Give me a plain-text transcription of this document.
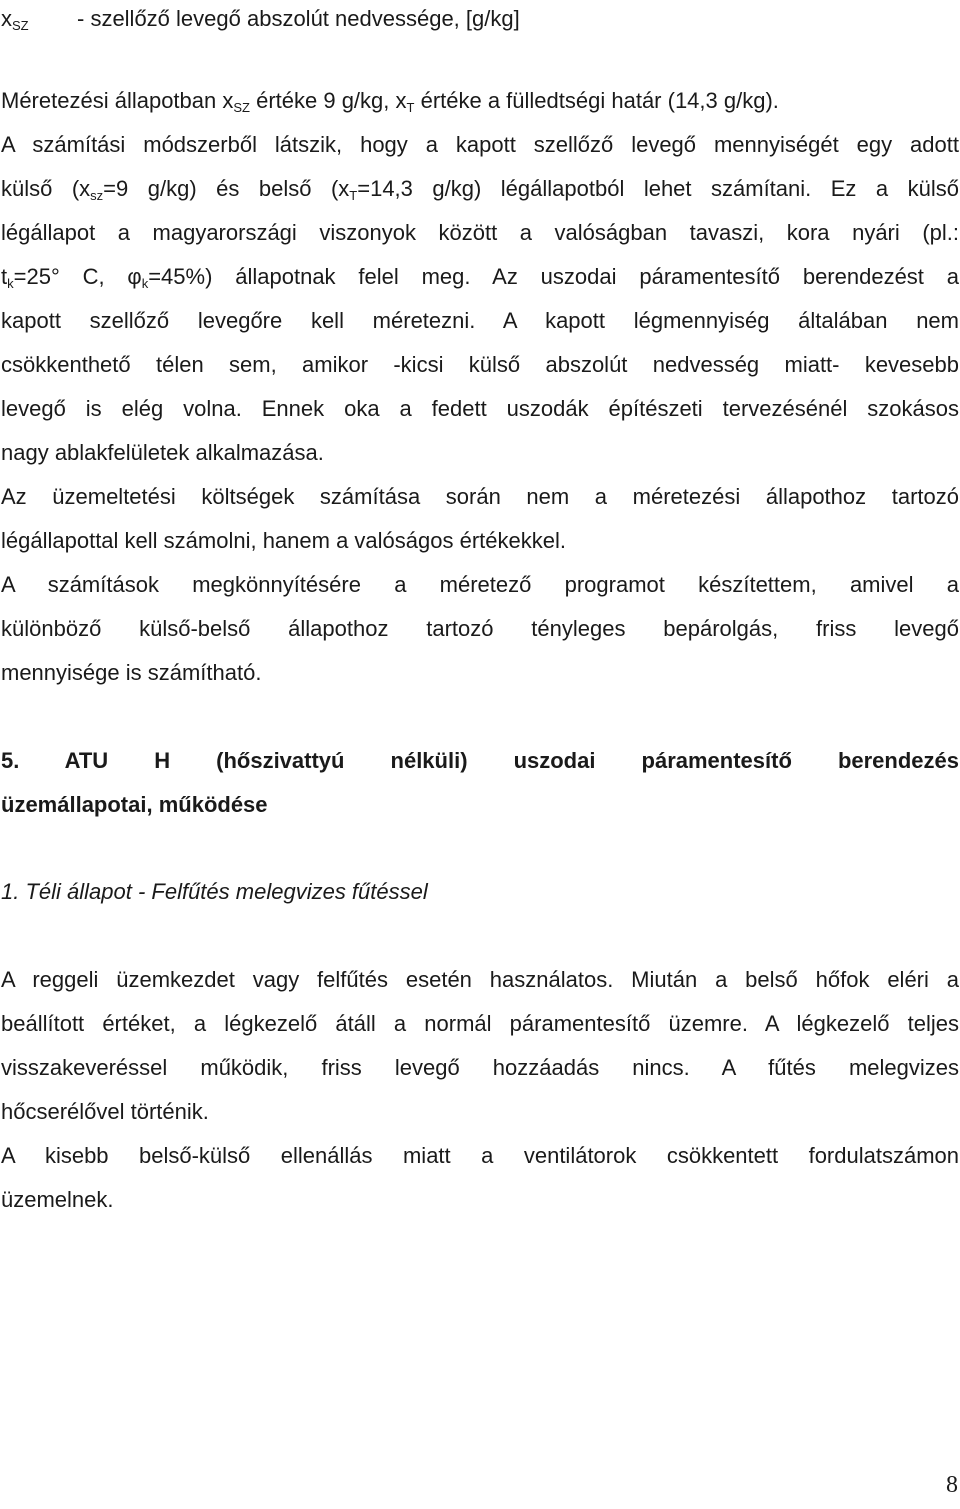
$x_{SZ}$ - szellőző levegő abszolút nedvessége, [g/kg]
Méretezési állapotban $x_{SZ}$ értéke 9 g/kg, $x_T$ értéke a fülledtségi határ (14,3 g/kg).
A számítási módszerből látszik, hogy a kapott szellőző levegő mennyiségét egy adott
külső ($x_{sz}=9$ g/kg) és belső ($x_T=14,3$ g/kg) légállapotból lehet számítani. Ez a külső
légállapot a magyarországi viszonyok között a valóságban tavaszi, kora nyári (pl.:
$t_k=25^\circ$ C, $\varphi_k=45\%$) állapotnak felel meg. Az uszodai páramentesítő berendezést a
kapott szellőző levegőre kell méretezni. A kapott légmennyiség általában nem
csökkenthető télen sem, amikor -kicsi külső abszolút nedvesség miatt- kevesebb
levegő is elég volna. Ennek oka a fedett uszodák építészeti tervezésénél szokásos
nagy ablakfelületek alkalmazása.
Az üzemeltetési költségek számítása során nem a méretezési állapothoz tartozó
légállapottal kell számolni, hanem a valóságos értékekkel.
A számítások megkönnyítésére a méretező programot készítettem, amivel a
különböző külső-belső állapothoz tartozó tényleges bepárolgás, friss levegő
mennyisége is számítható.
5. ATU H (hőszivattyú nélküli) uszodai páramentesítő berendezés
üzemállapotai, működése
1. Téli állapot - Felfűtés melegvizes fűtéssel
A reggeli üzemkezdet vagy felfűtés esetén használatos. Miután a belső hőfok eléri a
beállított értéket, a légkezelő átáll a normál páramentesítő üzemre. A légkezelő teljes
visszakeveréssel működik, friss levegő hozzáadás nincs. A fűtés melegvizes
hőcserélővel történik.
A kisebb belső-külső ellenállás miatt a ventilátorok csökkentett fordulatszámon
üzemelnek.
8
